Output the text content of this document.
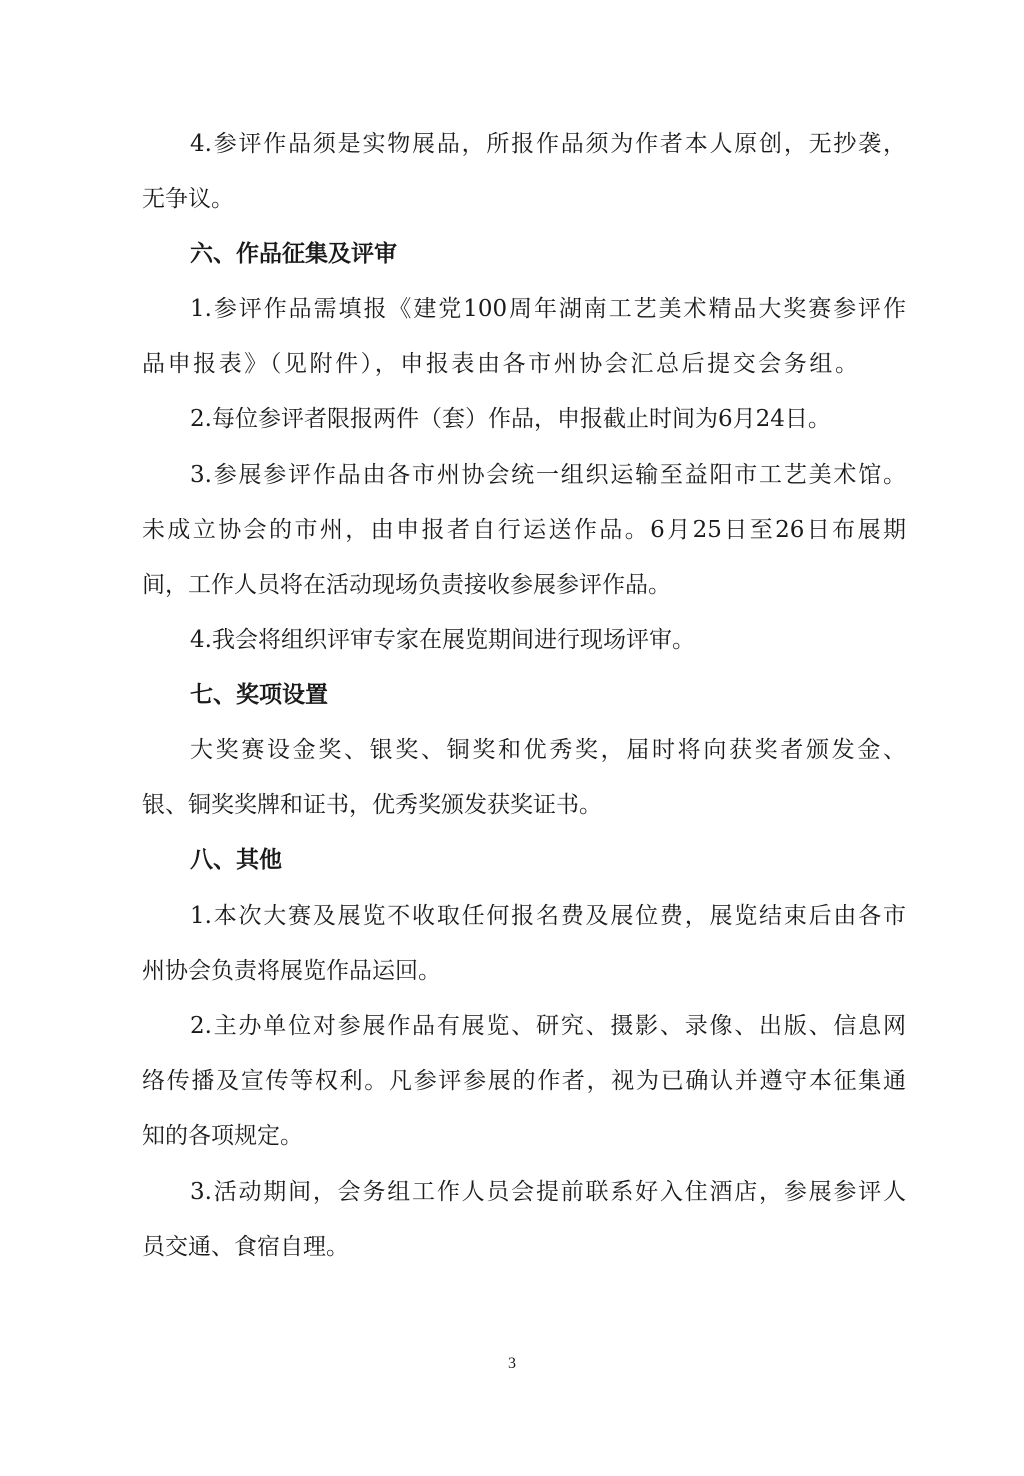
4.参评作品须是实物展品，所报作品须为作者本人原创，无抄袭，

无争议。

六、作品征集及评审

1.参评作品需填报《建党100周年湖南工艺美术精品大奖赛参评作

品申报表》（见附件），申报表由各市州协会汇总后提交会务组。

2.每位参评者限报两件（套）作品，申报截止时间为6月24日。

3.参展参评作品由各市州协会统一组织运输至益阳市工艺美术馆。

未成立协会的市州，由申报者自行运送作品。6月25日至26日布展期

间，工作人员将在活动现场负责接收参展参评作品。

4.我会将组织评审专家在展览期间进行现场评审。

七、奖项设置

大奖赛设金奖、银奖、铜奖和优秀奖，届时将向获奖者颁发金、

银、铜奖奖牌和证书，优秀奖颁发获奖证书。

八、其他

1.本次大赛及展览不收取任何报名费及展位费，展览结束后由各市

州协会负责将展览作品运回。

2.主办单位对参展作品有展览、研究、摄影、录像、出版、信息网

络传播及宣传等权利。凡参评参展的作者，视为已确认并遵守本征集通

知的各项规定。

3.活动期间，会务组工作人员会提前联系好入住酒店，参展参评人

员交通、食宿自理。

3
